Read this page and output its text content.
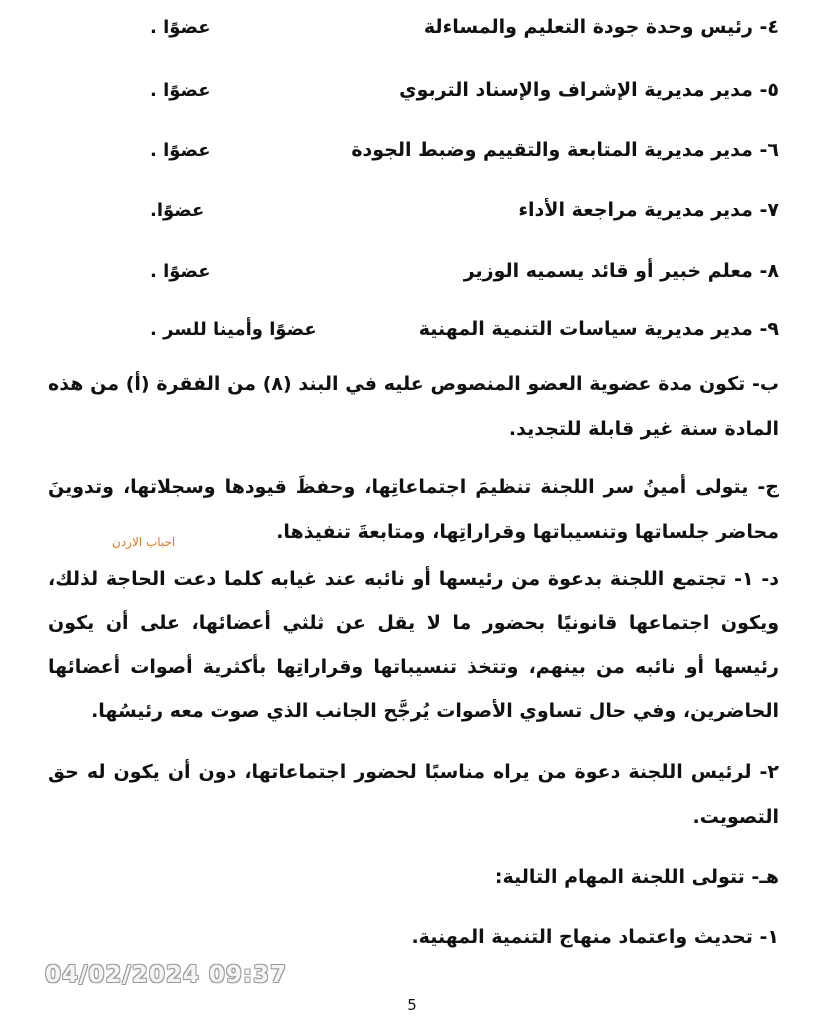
٤- رئيس وحدة جودة التعليم والمساءلة
عضوًا .
٥- مدير مديرية الإشراف والإسناد التربوي
عضوًا .
٦- مدير مديرية المتابعة والتقييم وضبط الجودة
عضوًا .
٧- مدير مديرية مراجعة الأداء
عضوًا.
٨- معلم خبير أو قائد يسميه الوزير
عضوًا .
٩- مدير مديرية سياسات التنمية المهنية
عضوًا وأمينا للسر .
ب- تكون مدة عضوية العضو المنصوص عليه في البند (٨) من الفقرة (أ) من هذه المادة سنة غير قابلة للتجديد.
ج- يتولى أمينُ سر اللجنة تنظيمَ اجتماعاتِها، وحفظَ قيودها وسجلاتها، وتدوينَ محاضر جلساتها وتنسيباتها وقراراتِها، ومتابعةَ تنفيذها.
احباب الاردن
د- ١- تجتمع اللجنة بدعوة من رئيسها أو نائبه عند غيابه كلما دعت الحاجة لذلك، ويكون اجتماعها قانونيًا بحضور ما لا يقل عن ثلثي أعضائها، على أن يكون رئيسها أو نائبه من بينهم، وتتخذ تنسيباتها وقراراتِها بأكثرية أصوات أعضائها الحاضرين، وفي حال تساوي الأصوات يُرجَّح الجانب الذي صوت معه رئيسُها.
٢- لرئيس اللجنة دعوة من يراه مناسبًا لحضور اجتماعاتها، دون أن يكون له حق التصويت.
هـ- تتولى اللجنة المهام التالية:
١- تحديث واعتماد منهاج التنمية المهنية.
04/02/2024 09:37
5
